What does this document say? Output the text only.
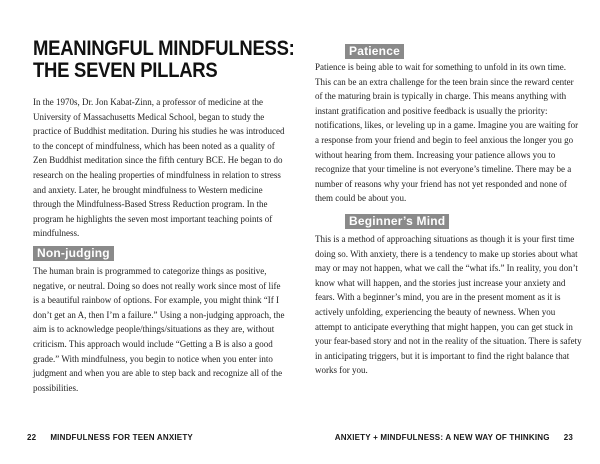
MEANINGFUL MINDFULNESS:
THE SEVEN PILLARS

In the 1970s, Dr. Jon Kabat-Zinn, a professor of medicine at the University of Massachusetts Medical School, began to study the practice of Buddhist meditation. During his studies he was introduced to the concept of mindfulness, which has been noted as a quality of Zen Buddhist meditation since the fifth century BCE. He began to do research on the healing properties of mindfulness in relation to stress and anxiety. Later, he brought mindfulness to Western medicine through the Mindfulness-Based Stress Reduction program. In the program he highlights the seven most important teaching points of mindfulness.

Non-judging

The human brain is programmed to categorize things as positive, negative, or neutral. Doing so does not really work since most of life is a beautiful rainbow of options. For example, you might think “If I don’t get an A, then I’m a failure.” Using a non-judging approach, the aim is to acknowledge people/things/situations as they are, without criticism. This approach would include “Getting a B is also a good grade.” With mindfulness, you begin to notice when you enter into judgment and when you are able to step back and recognize all of the possibilities.

22 MINDFULNESS FOR TEEN ANXIETY
Patience

Patience is being able to wait for something to unfold in its own time. This can be an extra challenge for the teen brain since the reward center of the maturing brain is typically in charge. This means anything with instant gratification and positive feedback is usually the priority: notifications, likes, or leveling up in a game. Imagine you are waiting for a response from your friend and begin to feel anxious the longer you go without hearing from them. Increasing your patience allows you to recognize that your timeline is not everyone’s timeline. There may be a number of reasons why your friend has not yet responded and none of them could be about you.

Beginner’s Mind

This is a method of approaching situations as though it is your first time doing so. With anxiety, there is a tendency to make up stories about what may or may not happen, what we call the “what ifs.” In reality, you don’t know what will happen, and the stories just increase your anxiety and fears. With a beginner’s mind, you are in the present moment as it is actively unfolding, experiencing the beauty of newness. When you attempt to anticipate everything that might happen, you can get stuck in your fear-based story and not in the reality of the situation. There is safety in anticipating triggers, but it is important to find the right balance that works for you.

ANXIETY + MINDFULNESS: A NEW WAY OF THINKING 23
